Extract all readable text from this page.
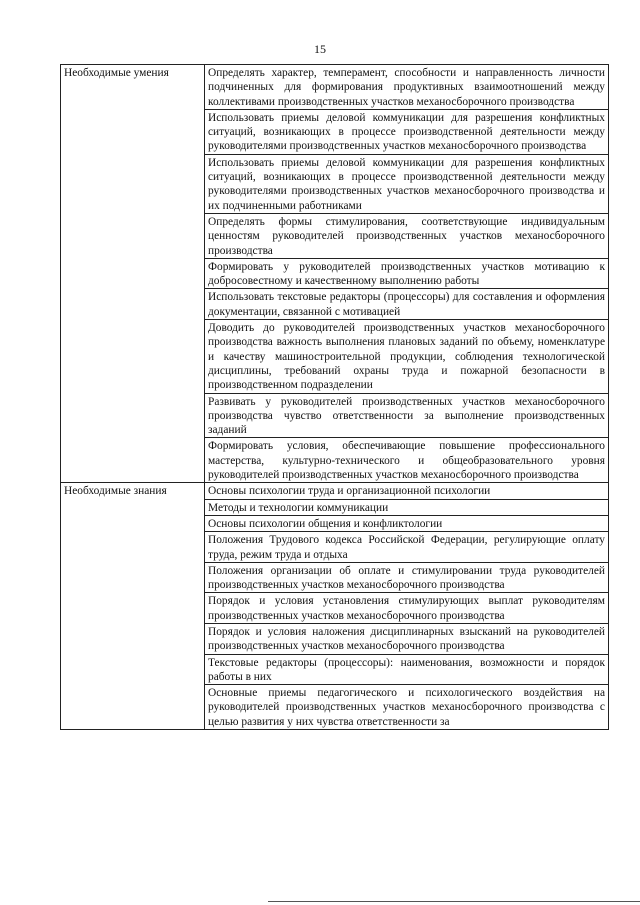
15
Необходимые умения	Определять характер, темперамент, способности и направленность личности подчиненных для формирования продуктивных взаимоотношений между коллективами производственных участков механосборочного производства
	Использовать приемы деловой коммуникации для разрешения конфликтных ситуаций, возникающих в процессе производственной деятельности между руководителями производственных участков механосборочного производства
	Использовать приемы деловой коммуникации для разрешения конфликтных ситуаций, возникающих в процессе производственной деятельности между руководителями производственных участков механосборочного производства и их подчиненными работниками
	Определять формы стимулирования, соответствующие индивидуальным ценностям руководителей производственных участков механосборочного производства
	Формировать у руководителей производственных участков мотивацию к добросовестному и качественному выполнению работы
	Использовать текстовые редакторы (процессоры) для составления и оформления документации, связанной с мотивацией
	Доводить до руководителей производственных участков механосборочного производства важность выполнения плановых заданий по объему, номенклатуре и качеству машиностроительной продукции, соблюдения технологической дисциплины, требований охраны труда и пожарной безопасности в производственном подразделении
	Развивать у руководителей производственных участков механосборочного производства чувство ответственности за выполнение производственных заданий
	Формировать условия, обеспечивающие повышение профессионального мастерства, культурно-технического и общеобразовательного уровня руководителей производственных участков механосборочного производства
Необходимые знания	Основы психологии труда и организационной психологии
	Методы и технологии коммуникации
	Основы психологии общения и конфликтологии
	Положения Трудового кодекса Российской Федерации, регулирующие оплату труда, режим труда и отдыха
	Положения организации об оплате и стимулировании труда руководителей производственных участков механосборочного производства
	Порядок и условия установления стимулирующих выплат руководителям производственных участков механосборочного производства
	Порядок и условия наложения дисциплинарных взысканий на руководителей производственных участков механосборочного производства
	Текстовые редакторы (процессоры): наименования, возможности и порядок работы в них
	Основные приемы педагогического и психологического воздействия на руководителей производственных участков механосборочного производства с целью развития у них чувства ответственности за
